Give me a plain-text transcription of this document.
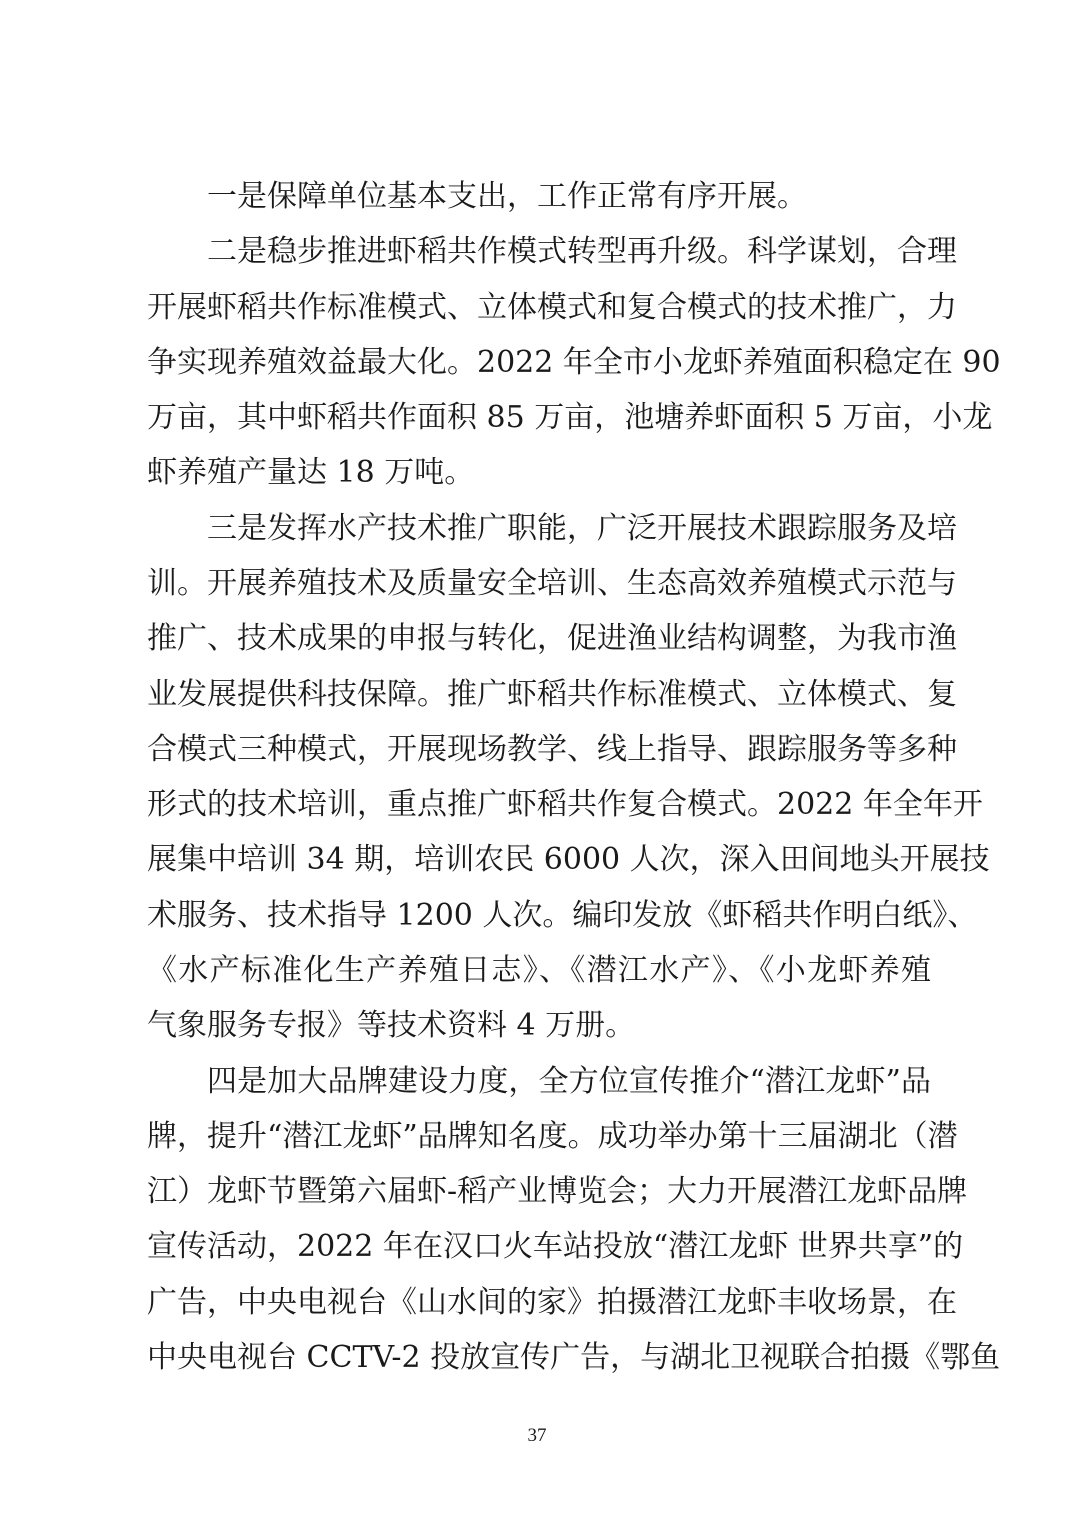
一是保障单位基本支出，工作正常有序开展。
二是稳步推进虾稻共作模式转型再升级。科学谋划，合理
开展虾稻共作标准模式、立体模式和复合模式的技术推广，力
争实现养殖效益最大化。2022 年全市小龙虾养殖面积稳定在 90
万亩，其中虾稻共作面积 85 万亩，池塘养虾面积 5 万亩，小龙
虾养殖产量达 18 万吨。
三是发挥水产技术推广职能，广泛开展技术跟踪服务及培
训。开展养殖技术及质量安全培训、生态高效养殖模式示范与
推广、技术成果的申报与转化，促进渔业结构调整，为我市渔
业发展提供科技保障。推广虾稻共作标准模式、立体模式、复
合模式三种模式，开展现场教学、线上指导、跟踪服务等多种
形式的技术培训，重点推广虾稻共作复合模式。2022 年全年开
展集中培训 34 期，培训农民 6000 人次，深入田间地头开展技
术服务、技术指导 1200 人次。编印发放《虾稻共作明白纸》、
《水产标准化生产养殖日志》、《潜江水产》、《小龙虾养殖
气象服务专报》等技术资料 4 万册。
四是加大品牌建设力度，全方位宣传推介“潜江龙虾”品
牌，提升“潜江龙虾”品牌知名度。成功举办第十三届湖北（潜
江）龙虾节暨第六届虾-稻产业博览会；大力开展潜江龙虾品牌
宣传活动，2022 年在汉口火车站投放“潜江龙虾 世界共享”的
广告，中央电视台《山水间的家》拍摄潜江龙虾丰收场景，在
中央电视台 CCTV-2 投放宣传广告，与湖北卫视联合拍摄《鄂鱼
37
